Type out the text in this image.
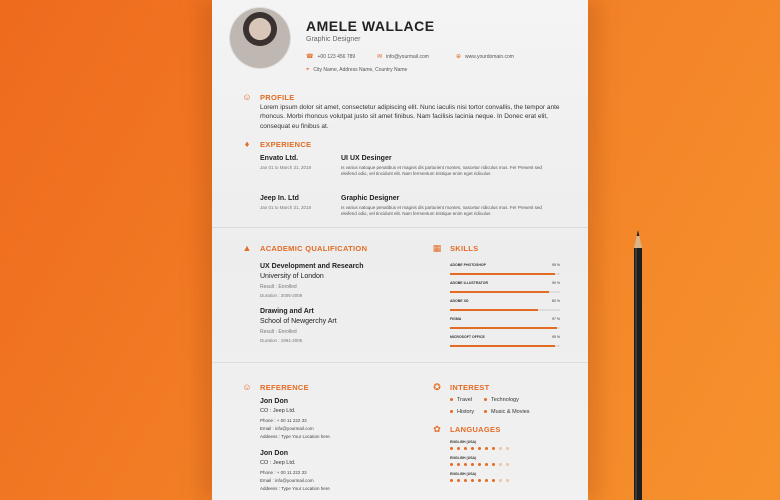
AMELE WALLACE
Graphic Designer
☎ +00 123 456 789	✉ info@yourmail.com	⊕ www.yourdomain.com
⌖ City Name, Address Name, Country Name
☺ PROFILE
Lorem ipsum dolor sit amet, consectetur adipiscing elit. Nunc iaculis nisi tortor convallis, the tempor ante rhoncus. Morbi rhoncus volutpat justo sit amet finibus. Nam facilisis lacinia neque. In Donec erat elit, consequat eu finibus at.
♦	EXPERIENCE
Envato Ltd.
Jan 01 to March 31, 2018
UI UX Desinger
Is varius natoque penatibus et magnis dis parturient montes, nascetur ridiculus mus. Fer Present sed eleifend odio, vel tincidunt elit. Nam fermentum tristique enim eget ridiculus
Jeep In. Ltd
Jan 01 to March 31, 2018
Graphic Designer
Is varius natoque penatibus et magnis dis parturient montes, nascetur ridiculus mus. Fer Present sed eleifend odio, vel tincidunt elit. Nam fermentum tristique enim eget ridiculus
▲ ACADEMIC QUALIFICATION
UX Development and Research
University of London
Result : Enrolled
Duration : 2005-2009
Drawing and Art
School of Newgerchy Art
Result : Enrolled
Duration : 1991-2005
▦ SKILLS
ADOBE PHOTOSHOP	95 %
ADOBE ILLUSTRATOR	90 %
ADOBE XD	80 %
FIGMA	97 %
MICROSOFT OFFICE	95 %
☺ REFERENCE
Jon Don
CO : Jeep Ltd.
Phone : + 00 11 222 33
Email : info@yourmail.com
Addeess : Type Your Location here
Jon Don
CO : Jeep Ltd.
Phone : + 00 11 222 33
Email : info@yourmail.com
Addeess : Type Your Location here
✪ INTEREST
Travel	Technology
History	Music & Movies
✿ LANGUAGES
ENGLISH (USA)
ENGLISH (USA)
ENGLISH (USA)
